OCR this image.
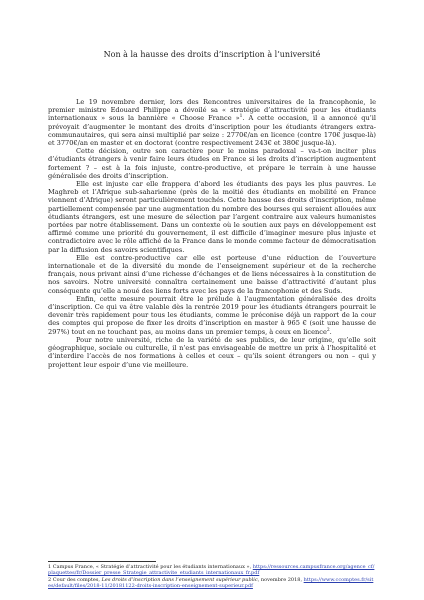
Non à la hausse des droits d’inscription à l’université

Le 19 novembre dernier, lors des Rencontres universitaires de la francophonie, le premier ministre Edouard Philippe a dévoilé sa « stratégie d’attractivité pour les étudiants internationaux » sous la bannière « Choose France »$^1$. A cette occasion, il a annoncé qu’il prévoyait d’augmenter le montant des droits d’inscription pour les étudiants étrangers extra-communautaires, qui sera ainsi multiplié par seize : 2770€/an en licence (contre 170€ jusque-là) et 3770€/an en master et en doctorat (contre respectivement 243€ et 380€ jusque-là).

Cette décision, outre son caractère pour le moins paradoxal – va-t-on inciter plus d’étudiants étrangers à venir faire leurs études en France si les droits d’inscription augmentent fortement ? – est à la fois injuste, contre-productive, et prépare le terrain à une hausse généralisée des droits d’inscription.

Elle est injuste car elle frappera d’abord les étudiants des pays les plus pauvres. Le Maghreb et l’Afrique sub-saharienne (près de la moitié des étudiants en mobilité en France viennent d’Afrique) seront particulièrement touchés. Cette hausse des droits d’inscription, même partiellement compensée par une augmentation du nombre des bourses qui seraient allouées aux étudiants étrangers, est une mesure de sélection par l’argent contraire aux valeurs humanistes portées par notre établissement. Dans un contexte où le soutien aux pays en développement est affirmé comme une priorité du gouvernement, il est difficile d’imaginer mesure plus injuste et contradictoire avec le rôle affiché de la France dans le monde comme facteur de démocratisation par la diffusion des savoirs scientifiques.

Elle est contre-productive car elle est porteuse d’une réduction de l’ouverture internationale et de la diversité du monde de l’enseignement supérieur et de la recherche français, nous privant ainsi d’une richesse d’échanges et de liens nécessaires à la constitution de nos savoirs. Notre université connaîtra certainement une baisse d’attractivité d’autant plus conséquente qu’elle a noué des liens forts avec les pays de la francophonie et des Suds.

Enfin, cette mesure pourrait être le prélude à l’augmentation généralisée des droits d’inscription. Ce qui va être valable dès la rentrée 2019 pour les étudiants étrangers pourrait le devenir très rapidement pour tous les étudiants, comme le préconise déjà un rapport de la cour des comptes qui propose de fixer les droits d’inscription en master à 965 € (soit une hausse de 297%) tout en ne touchant pas, au moins dans un premier temps, à ceux en licence$^2$.

Pour notre université, riche de la variété de ses publics, de leur origine, qu’elle soit géographique, sociale ou culturelle, il n’est pas envisageable de mettre un prix à l’hospitalité et d’interdire l’accès de nos formations à celles et ceux – qu’ils soient étrangers ou non – qui y projettent leur espoir d’une vie meilleure.

1 Campus France, « Stratégie d’attractivité pour les étudiants internationaux », https://ressources.campusfrance.org/agence_cf/plaquettes/fr/Dossier_presse_Strategie_attractivite_etudiants_internationaux_fr.pdf

2 Cour des comptes, Les droits d’inscription dans l’enseignement supérieur public, novembre 2018, https://www.ccomptes.fr/sites/default/files/2018-11/20181122-droits-inscription-enseignement-superieur.pdf
